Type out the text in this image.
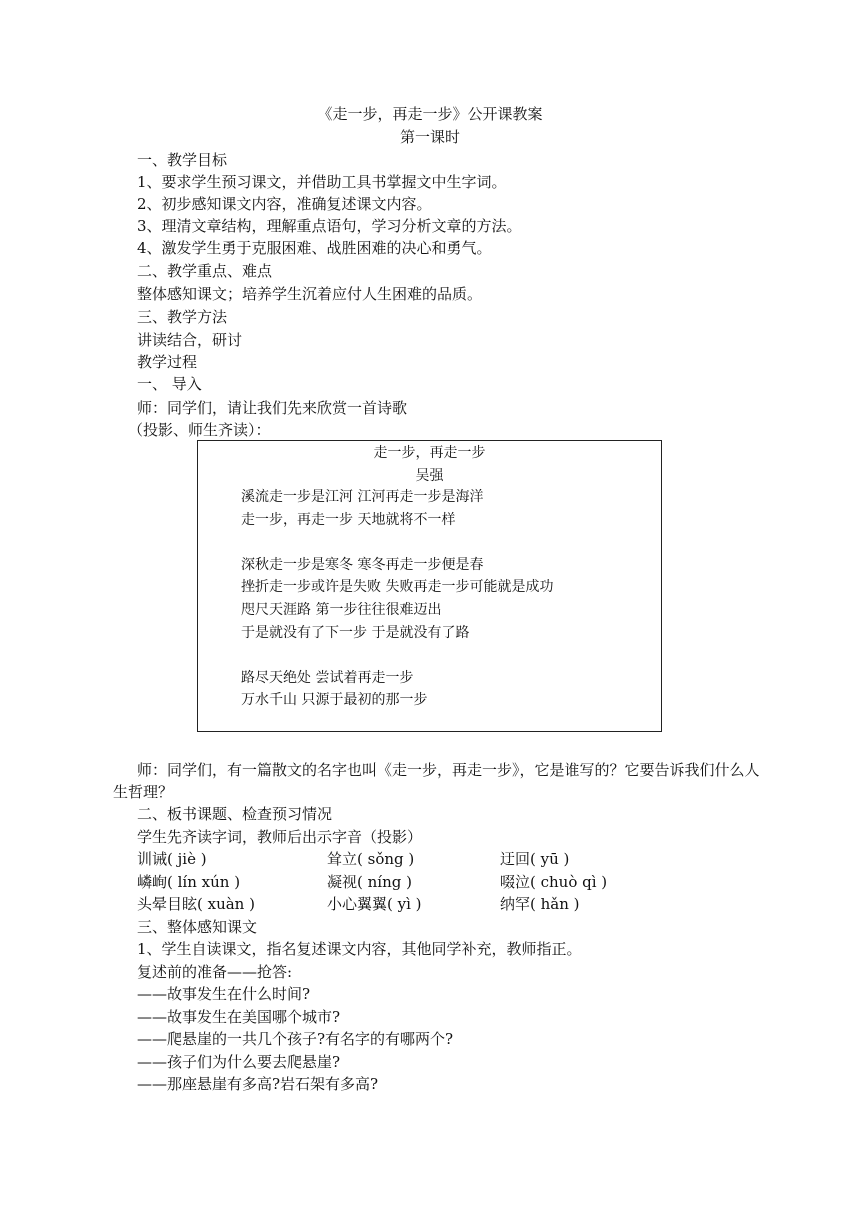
《走一步，再走一步》公开课教案
第一课时
一、教学目标
1、要求学生预习课文，并借助工具书掌握文中生字词。
2、初步感知课文内容，准确复述课文内容。
3、理清文章结构，理解重点语句，学习分析文章的方法。
4、激发学生勇于克服困难、战胜困难的决心和勇气。
二、教学重点、难点
整体感知课文；培养学生沉着应付人生困难的品质。
三、教学方法
讲读结合，研讨
教学过程
一、 导入
师：同学们，请让我们先来欣赏一首诗歌
（投影、师生齐读）：
走一步，再走一步
吴强
溪流走一步是江河 江河再走一步是海洋
走一步，再走一步 天地就将不一样
深秋走一步是寒冬 寒冬再走一步便是春
挫折走一步或许是失败 失败再走一步可能就是成功
咫尺天涯路 第一步往往很难迈出
于是就没有了下一步 于是就没有了路
路尽天绝处 尝试着再走一步
万水千山 只源于最初的那一步
师：同学们，有一篇散文的名字也叫《走一步，再走一步》，它是谁写的？它要告诉我们什么人生哲理？
二、板书课题、检查预习情况
学生先齐读字词，教师后出示字音（投影）
训诫( jiè )	耸立( sǒng )	迂回( yū )
嶙峋( lín xún )	凝视( níng )	啜泣( chuò qì )
头晕目眩( xuàn )	小心翼翼( yì )	纳罕( hǎn )
三、整体感知课文
1、学生自读课文，指名复述课文内容，其他同学补充，教师指正。
复述前的准备——抢答:
——故事发生在什么时间?
——故事发生在美国哪个城市?
——爬悬崖的一共几个孩子?有名字的有哪两个?
——孩子们为什么要去爬悬崖?
——那座悬崖有多高?岩石架有多高?
